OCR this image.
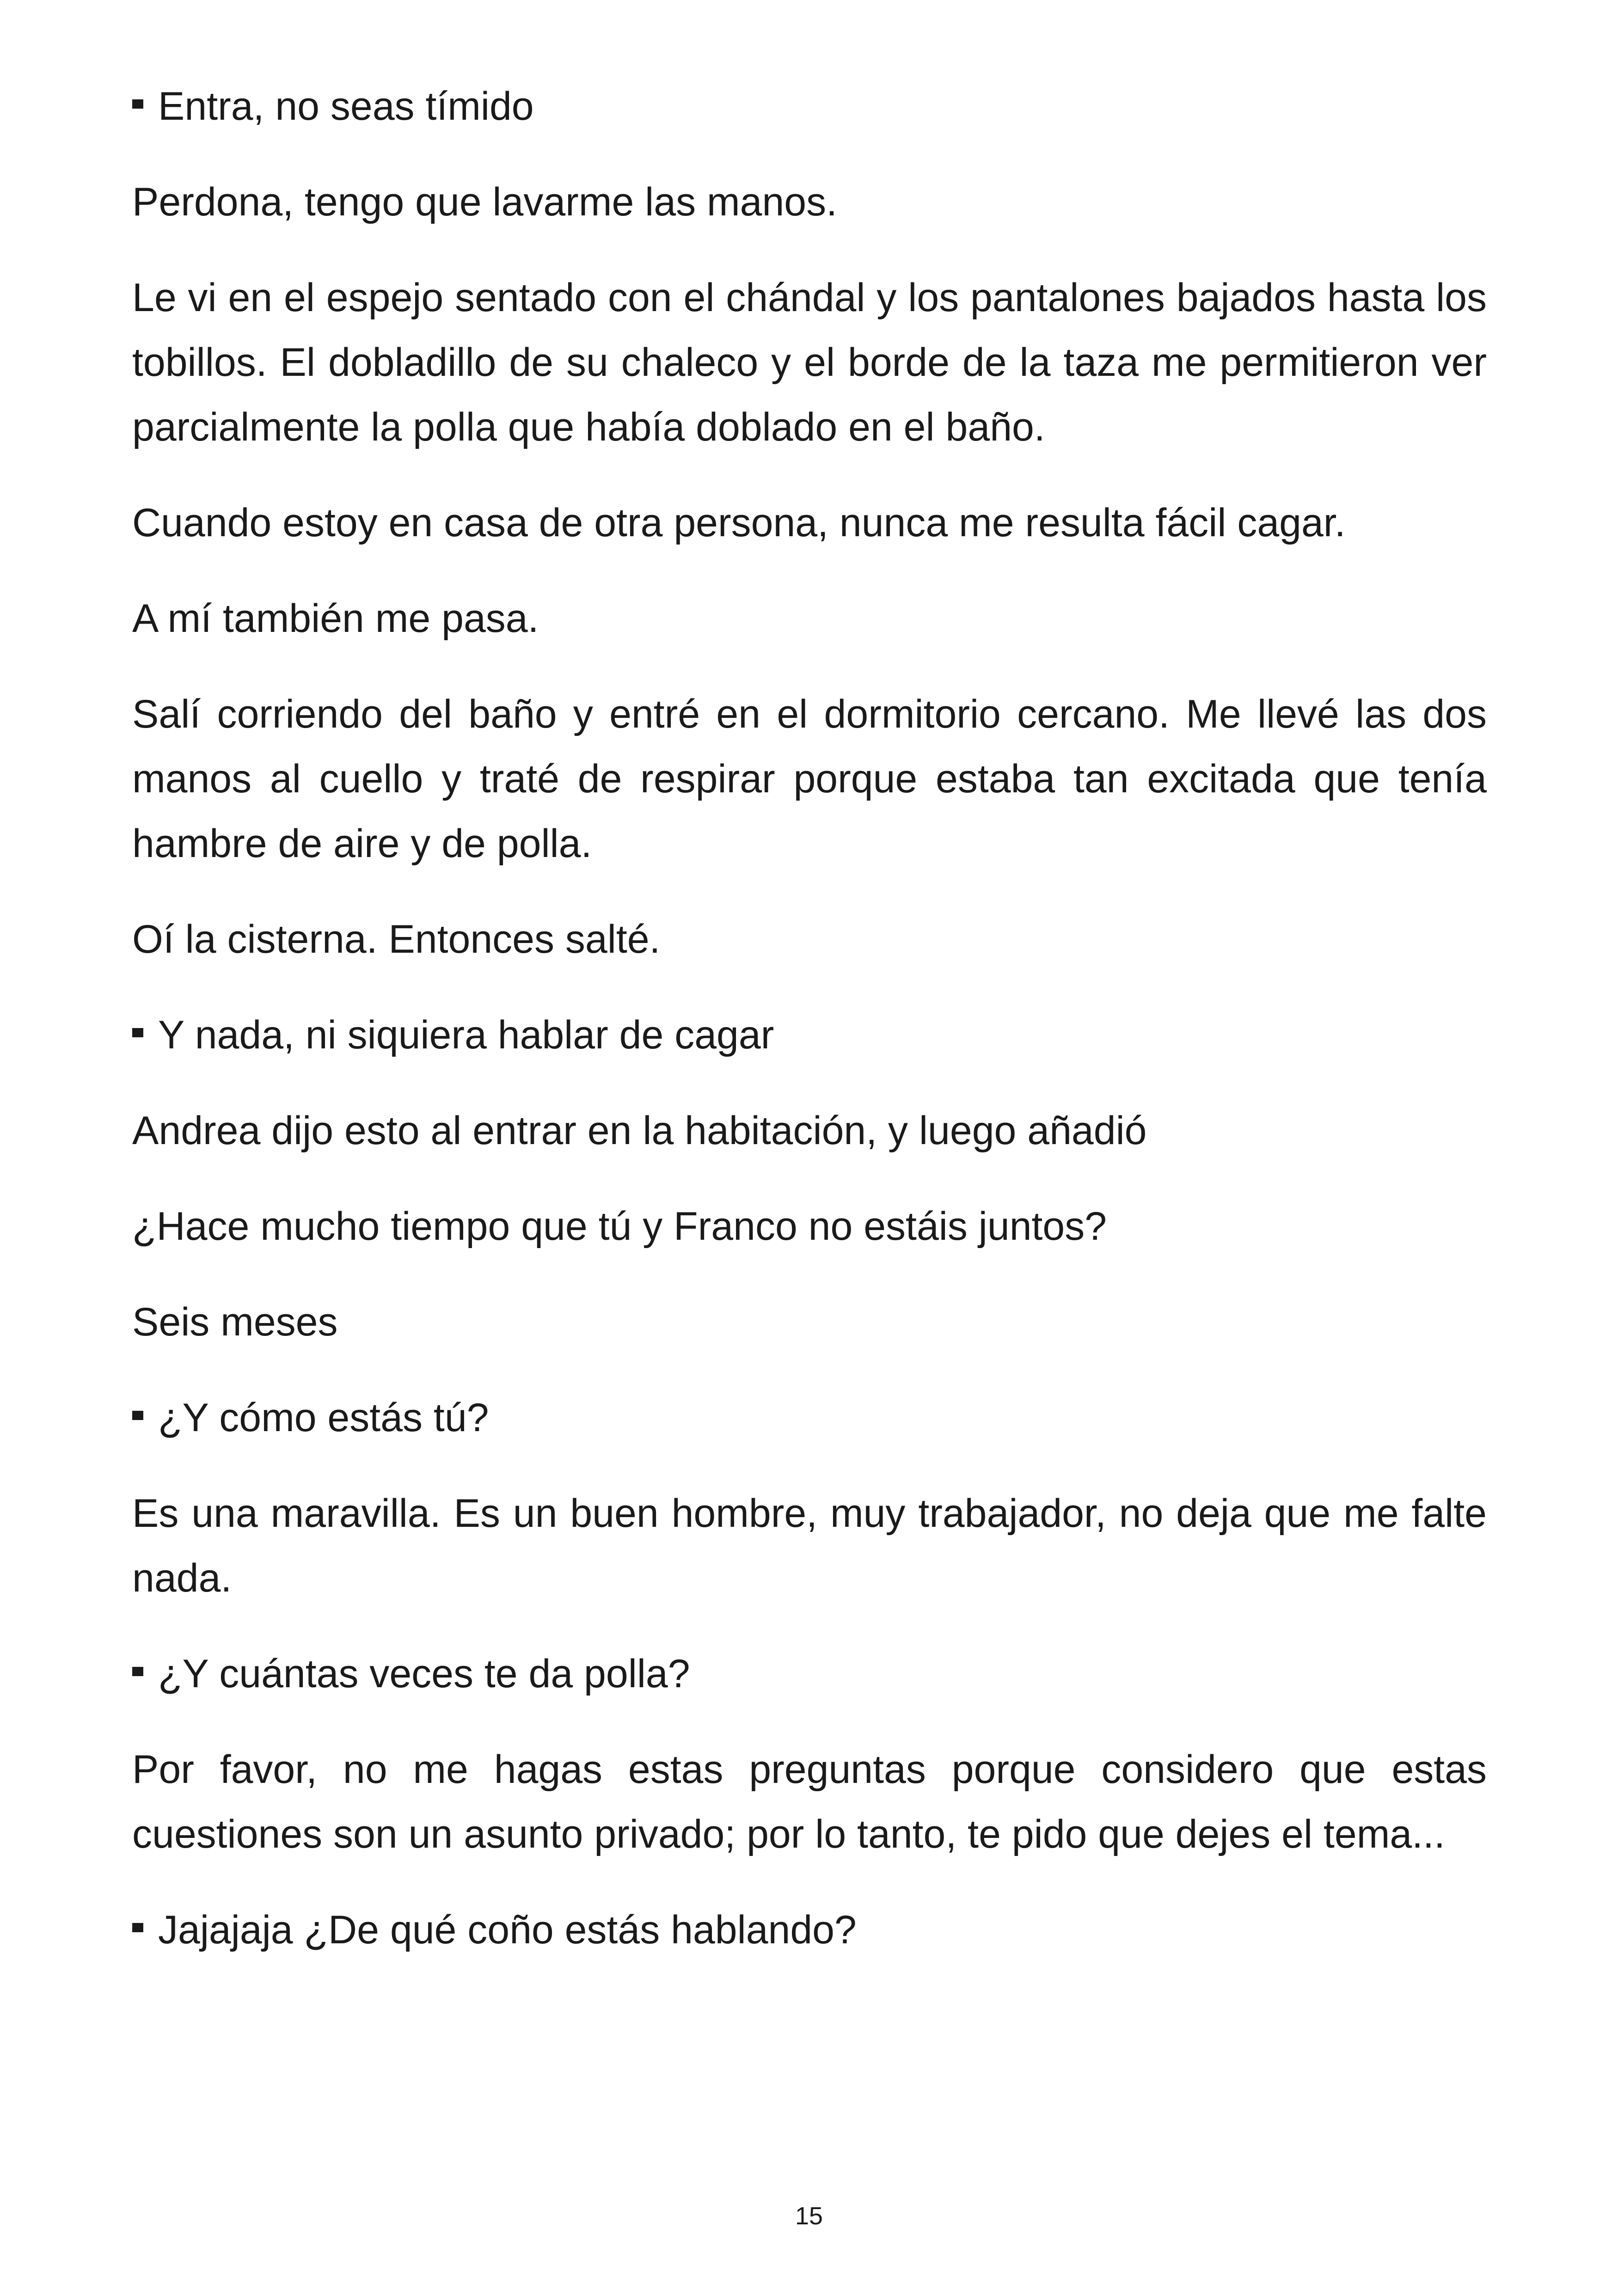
Entra, no seas tímido

Perdona, tengo que lavarme las manos.

Le vi en el espejo sentado con el chándal y los pantalones bajados hasta los tobillos. El dobladillo de su chaleco y el borde de la taza me permitieron ver parcialmente la polla que había doblado en el baño.

Cuando estoy en casa de otra persona, nunca me resulta fácil cagar.

A mí también me pasa.

Salí corriendo del baño y entré en el dormitorio cercano. Me llevé las dos manos al cuello y traté de respirar porque estaba tan excitada que tenía hambre de aire y de polla.

Oí la cisterna. Entonces salté.

Y nada, ni siquiera hablar de cagar

Andrea dijo esto al entrar en la habitación, y luego añadió

¿Hace mucho tiempo que tú y Franco no estáis juntos?

Seis meses

¿Y cómo estás tú?

Es una maravilla. Es un buen hombre, muy trabajador, no deja que me falte nada.

¿Y cuántas veces te da polla?

Por favor, no me hagas estas preguntas porque considero que estas cuestiones son un asunto privado; por lo tanto, te pido que dejes el tema...

Jajajaja ¿De qué coño estás hablando?

15
